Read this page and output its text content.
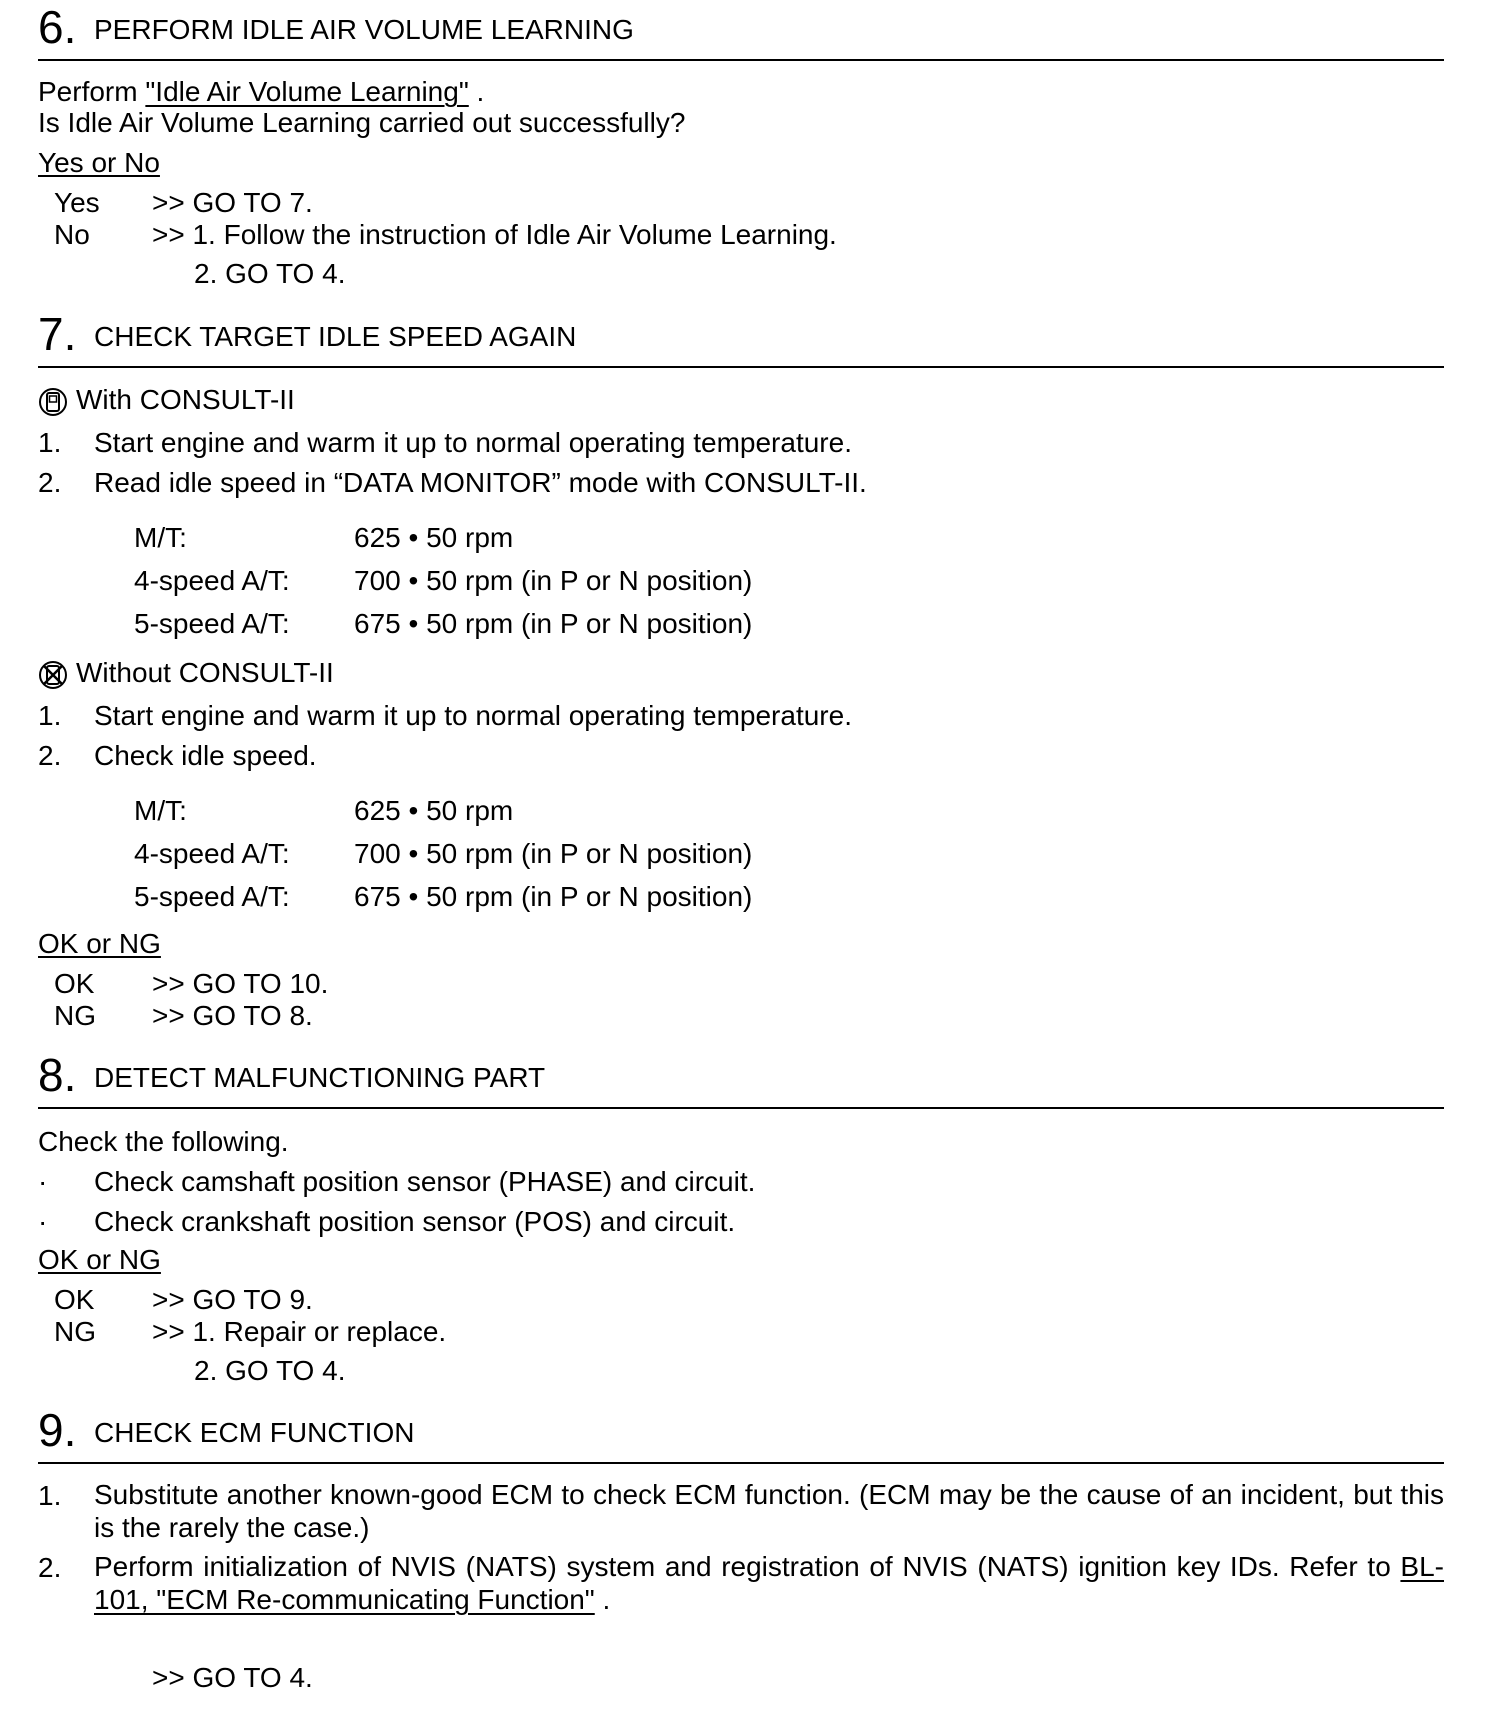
6. PERFORM IDLE AIR VOLUME LEARNING
Perform "Idle Air Volume Learning" .
Is Idle Air Volume Learning carried out successfully?
Yes or No
Yes >> GO TO 7.
No >> 1. Follow the instruction of Idle Air Volume Learning.
2. GO TO 4.
7. CHECK TARGET IDLE SPEED AGAIN
With CONSULT-II
1. Start engine and warm it up to normal operating temperature.
2. Read idle speed in “DATA MONITOR” mode with CONSULT-II.
M/T:	625 • 50 rpm
4-speed A/T: 700 • 50 rpm (in P or N position)
5-speed A/T: 675 • 50 rpm (in P or N position)
Without CONSULT-II
1. Start engine and warm it up to normal operating temperature.
2. Check idle speed.
M/T:	625 • 50 rpm
4-speed A/T: 700 • 50 rpm (in P or N position)
5-speed A/T: 675 • 50 rpm (in P or N position)
OK or NG
OK >> GO TO 10.
NG >> GO TO 8.
8. DETECT MALFUNCTIONING PART
Check the following.
· Check camshaft position sensor (PHASE) and circuit.
· Check crankshaft position sensor (POS) and circuit.
OK or NG
OK >> GO TO 9.
NG >> 1. Repair or replace.
2. GO TO 4.
9. CHECK ECM FUNCTION
1. Substitute another known-good ECM to check ECM function. (ECM may be the cause of an incident, but this is the rarely the case.)
2. Perform initialization of NVIS (NATS) system and registration of NVIS (NATS) ignition key IDs. Refer to BL-101, "ECM Re-communicating Function" .
>> GO TO 4.
